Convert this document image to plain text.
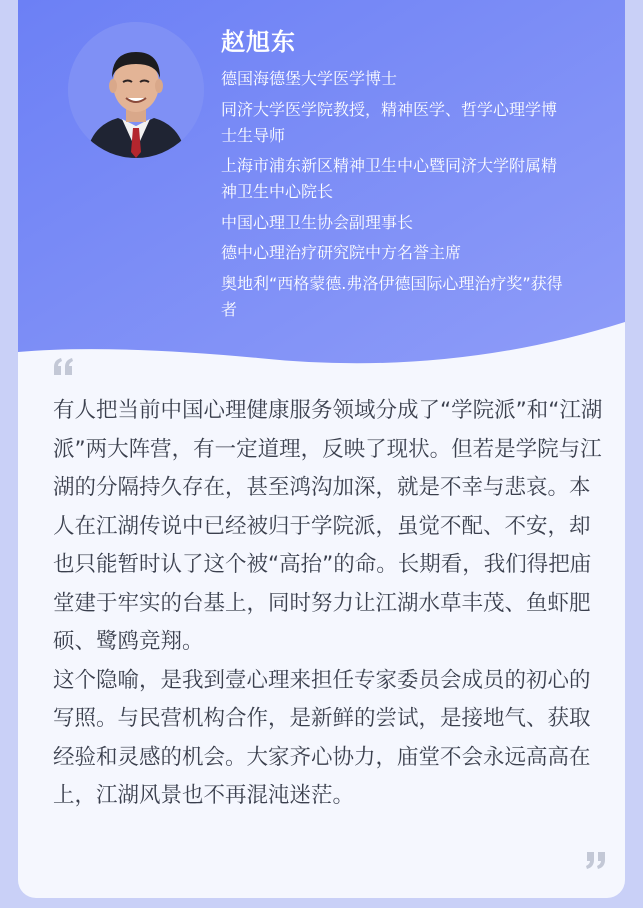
赵旭东
德国海德堡大学医学博士
同济大学医学院教授，精神医学、哲学心理学博士生导师
上海市浦东新区精神卫生中心暨同济大学附属精神卫生中心院长
中国心理卫生协会副理事长
德中心理治疗研究院中方名誉主席
奥地利“西格蒙德.弗洛伊德国际心理治疗奖”获得者

有人把当前中国心理健康服务领域分成了“学院派”和“江湖派”两大阵营，有一定道理，反映了现状。但若是学院与江湖的分隔持久存在，甚至鸿沟加深，就是不幸与悲哀。本人在江湖传说中已经被归于学院派，虽觉不配、不安，却也只能暂时认了这个被“高抬”的命。长期看，我们得把庙堂建于牢实的台基上，同时努力让江湖水草丰茂、鱼虾肥硕、鹭鸥竞翔。

这个隐喻，是我到壹心理来担任专家委员会成员的初心的写照。与民营机构合作，是新鲜的尝试，是接地气、获取经验和灵感的机会。大家齐心协力，庙堂不会永远高高在上，江湖风景也不再混沌迷茫。
